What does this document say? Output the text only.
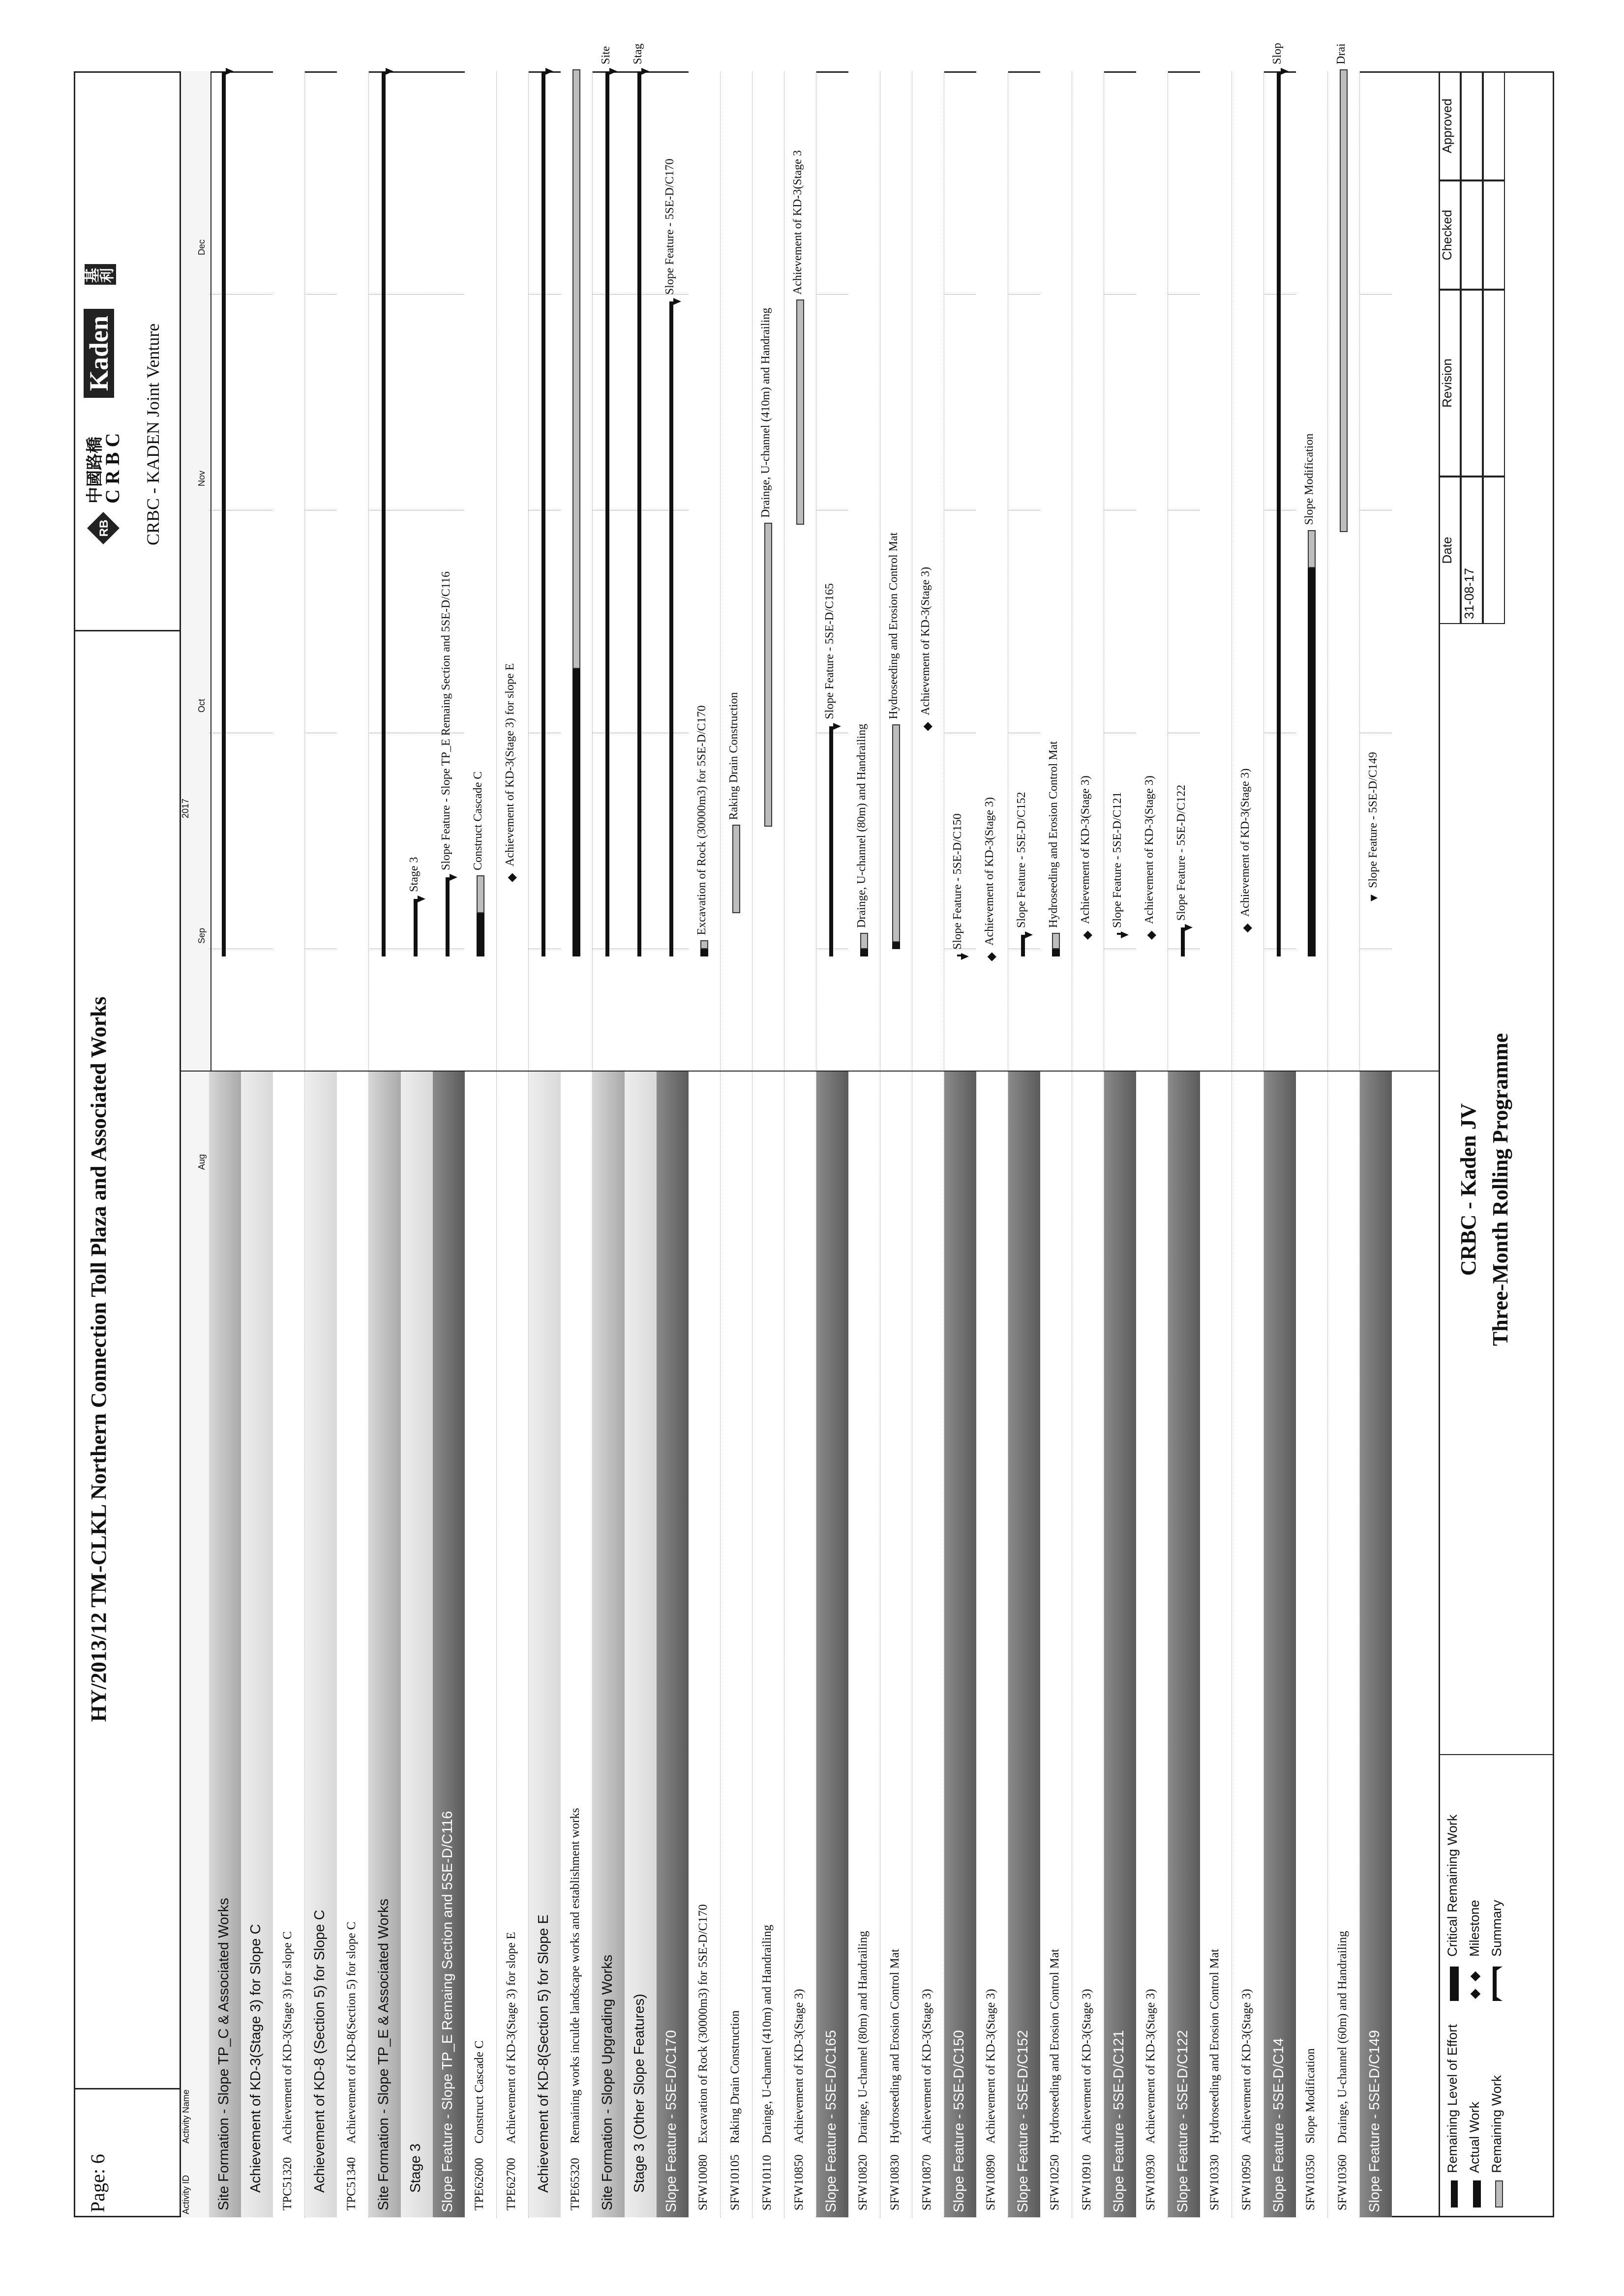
Page: 6
HY/2013/12 TM-CLKL Northern Connection Toll Plaza and Associated Works
RB
中國路橋
CRBC
Kaden
基利
CRBC - KADEN Joint Venture
Activity ID
Activity Name
2017
Aug
Sep
Oct
Nov
Dec
Site Formation - Slope TP_C & Associated Works Achievement of KD-3(Stage 3) for Slope C TPC51320
Achievement of KD-3(Stage 3) for slope C Achievement of KD-8 (Section 5) for Slope C TPC51340
Achievement of KD-8(Section 5) for slope C Site Formation - Slope TP_E & Associated Works Stage 3
Stage 3
Slope Feature - Slope TP_E Remaing Section and 5SE-D/C116
Slope Feature - Slope TP_E Remaing Section and 5SE-D/C116
TPE62600
Construct Cascade C
Construct Cascade C
TPE62700
Achievement of KD-3(Stage 3) for slope E
◆
Achievement of KD-3(Stage 3) for slope E
Achievement of KD-8(Section 5) for Slope E TPE65320
Remaining works inculde landscape works and establishment works Site Formation - Slope Upgrading Works
Site
Stage 3 (Other Slope Features)
Stag
Slope Feature - 5SE-D/C170
Slope Feature - 5SE-D/C170
SFW10080
Excavation of Rock (30000m3) for 5SE-D/C170
Excavation of Rock (30000m3) for 5SE-D/C170
SFW10105
Raking Drain Construction
Raking Drain Construction
SFW10110
Drainge, U-channel (410m) and Handrailing
Drainge, U-channel (410m) and Handrailing
SFW10850
Achievement of KD-3(Stage 3)
Achievement of KD-3(Stage 3
Slope Feature - 5SE-D/C165
Slope Feature - 5SE-D/C165
SFW10820
Drainge, U-channel (80m) and Handrailing
Drainge, U-channel (80m) and Handrailing
SFW10830
Hydroseeding and Erosion Control Mat
Hydroseeding and Erosion Control Mat
SFW10870
Achievement of KD-3(Stage 3)
◆
Achievement of KD-3(Stage 3)
Slope Feature - 5SE-D/C150
Slope Feature - 5SE-D/C150
SFW10890
Achievement of KD-3(Stage 3)
◆
Achievement of KD-3(Stage 3)
Slope Feature - 5SE-D/C152
Slope Feature - 5SE-D/C152
SFW10250
Hydroseeding and Erosion Control Mat
Hydroseeding and Erosion Control Mat
SFW10910
Achievement of KD-3(Stage 3)
◆
Achievement of KD-3(Stage 3)
Slope Feature - 5SE-D/C121
Slope Feature - 5SE-D/C121
SFW10930
Achievement of KD-3(Stage 3)
◆
Achievement of KD-3(Stage 3)
Slope Feature - 5SE-D/C122
Slope Feature - 5SE-D/C122
SFW10330
Hydroseeding and Erosion Control Mat
SFW10950
Achievement of KD-3(Stage 3)
◆
Achievement of KD-3(Stage 3)
Slope Feature - 5SE-D/C14
Slop
SFW10350
Slope Modification
Slope Modification
SFW10360
Drainge, U-channel (60m) and Handrailing
Drai
Slope Feature - 5SE-D/C149
▼
Slope Feature - 5SE-D/C149
Remaining Level of Effort Actual Work Remaining Work
Critical Remaining Work
◆  ◆
Milestone Summary
CRBC - Kaden JV Three-Month Rolling Programme
Date
Revision
Checked
Approved
31-08-17
